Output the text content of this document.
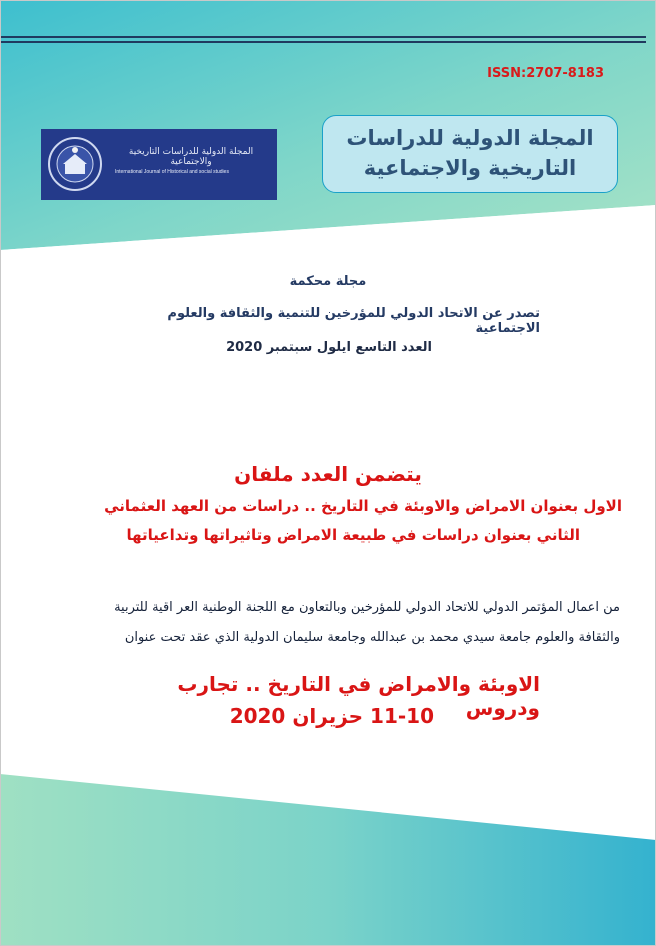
ISSN:2707-8183
المجلة الدولية للدراسات
التاريخية والاجتماعية
المجلة الدولية للدراسات التاريخية والاجتماعية
International Journal of Historical and social studies
مجلة محكمة
تصدر عن الاتحاد الدولي للمؤرخين للتنمية والثقافة والعلوم الاجتماعية
العدد التاسع ايلول سبتمبر 2020
يتضمن العدد ملفان
الاول بعنوان الامراض والاوبئة في التاريخ .. دراسات من العهد العثماني
الثاني بعنوان دراسات في طبيعة الامراض وتاثيراتها وتداعياتها
من اعمال المؤتمر الدولي للاتحاد الدولي للمؤرخين وبالتعاون مع اللجنة الوطنية العر اقية للتربية
والثقافة والعلوم جامعة سيدي محمد بن عبدالله وجامعة سليمان الدولية الذي عقد تحت عنوان
الاوبئة والامراض في التاريخ .. تجارب ودروس
11-10 حزيران 2020
